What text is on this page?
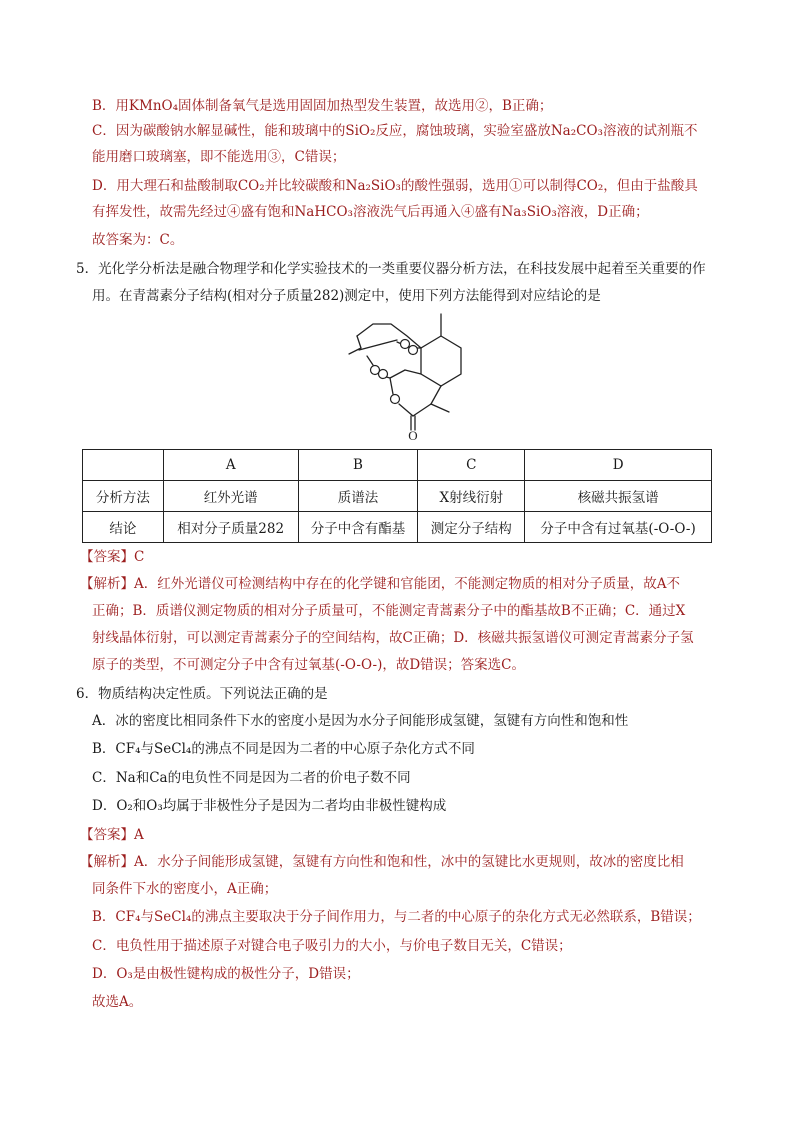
B．用KMnO₄固体制备氧气是选用固固加热型发生装置，故选用②，B正确；
C．因为碳酸钠水解显碱性，能和玻璃中的SiO₂反应，腐蚀玻璃，实验室盛放Na₂CO₃溶液的试剂瓶不
能用磨口玻璃塞，即不能选用③，C错误；
D．用大理石和盐酸制取CO₂并比较碳酸和Na₂SiO₃的酸性强弱，选用①可以制得CO₂，但由于盐酸具
有挥发性，故需先经过④盛有饱和NaHCO₃溶液洗气后再通入④盛有Na₃SiO₃溶液，D正确；
故答案为：C。
5．光化学分析法是融合物理学和化学实验技术的一类重要仪器分析方法，在科技发展中起着至关重要的作
用。在青蒿素分子结构(相对分子质量282)测定中，使用下列方法能得到对应结论的是
O
	A	B	C	D
分析方法	红外光谱	质谱法	X射线衍射	核磁共振氢谱
结论	相对分子质量282	分子中含有酯基	测定分子结构	分子中含有过氧基(-O-O-)
【答案】C
【解析】A．红外光谱仪可检测结构中存在的化学键和官能团，不能测定物质的相对分子质量，故A不
正确；B．质谱仪测定物质的相对分子质量可，不能测定青蒿素分子中的酯基故B不正确；C．通过X
射线晶体衍射，可以测定青蒿素分子的空间结构，故C正确；D．核磁共振氢谱仪可测定青蒿素分子氢
原子的类型，不可测定分子中含有过氧基(-O-O-)，故D错误；答案选C。
6．物质结构决定性质。下列说法正确的是
A．冰的密度比相同条件下水的密度小是因为水分子间能形成氢键，氢键有方向性和饱和性
B．CF₄与SeCl₄的沸点不同是因为二者的中心原子杂化方式不同
C．Na和Ca的电负性不同是因为二者的价电子数不同
D．O₂和O₃均属于非极性分子是因为二者均由非极性键构成
【答案】A
【解析】A．水分子间能形成氢键，氢键有方向性和饱和性，冰中的氢键比水更规则，故冰的密度比相
同条件下水的密度小，A正确；
B．CF₄与SeCl₄的沸点主要取决于分子间作用力，与二者的中心原子的杂化方式无必然联系，B错误；
C．电负性用于描述原子对键合电子吸引力的大小，与价电子数目无关，C错误；
D．O₃是由极性键构成的极性分子，D错误；
故选A。
